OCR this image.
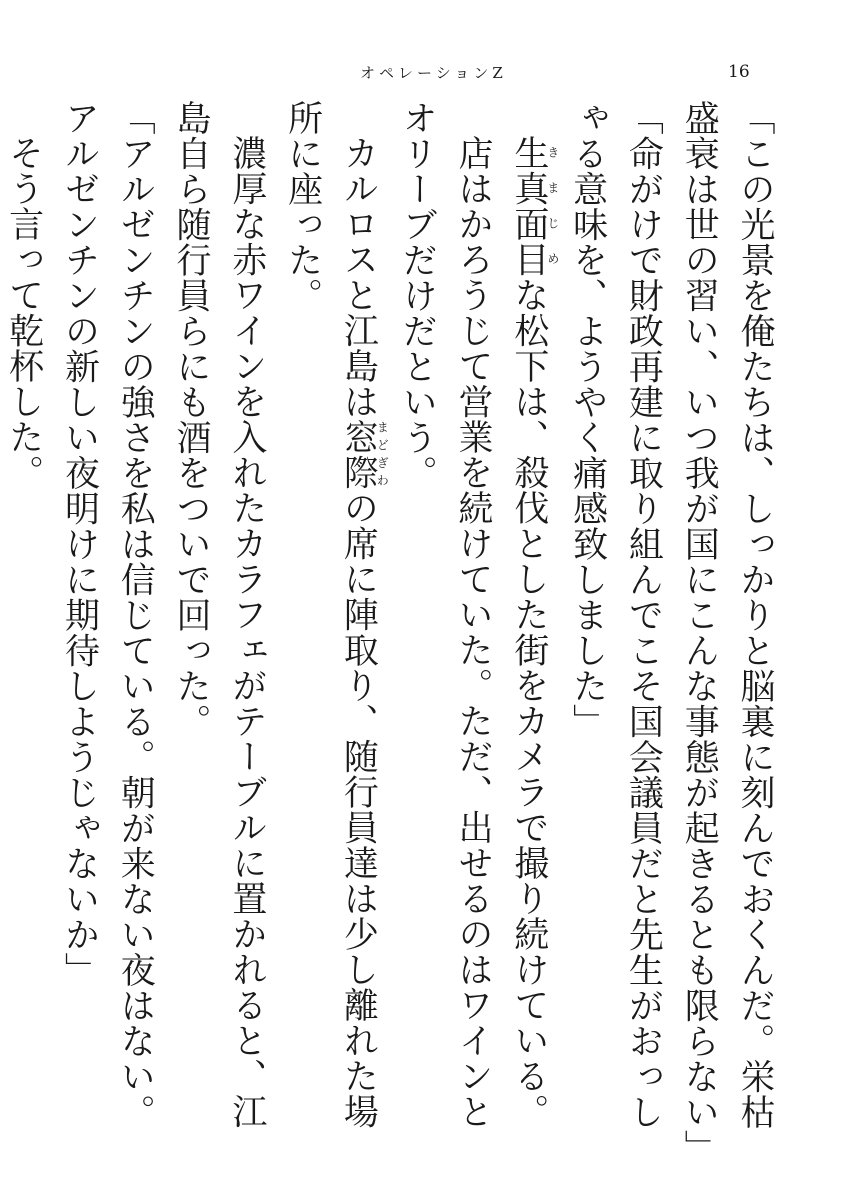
オペレーションZ	16

「この光景を俺たちは、しっかりと脳裏に刻んでおくんだ。栄枯盛衰は世の習い、いつ我が国にこんな事態が起きるとも限らない」

「命がけで財政再建に取り組んでこそ国会議員だと先生がおっしゃる意味を、ようやく痛感致しました」

生真面目きまじめな松下は、殺伐とした街をカメラで撮り続けている。

店はかろうじて営業を続けていた。ただ、出せるのはワインとオリーブだけだという。

カルロスと江島は窓際まどぎわの席に陣取り、随行員達は少し離れた場所に座った。

濃厚な赤ワインを入れたカラフェがテーブルに置かれると、江島自ら随行員らにも酒をついで回った。

「アルゼンチンの強さを私は信じている。朝が来ない夜はない。アルゼンチンの新しい夜明けに期待しようじゃないか」

そう言って乾杯した。
